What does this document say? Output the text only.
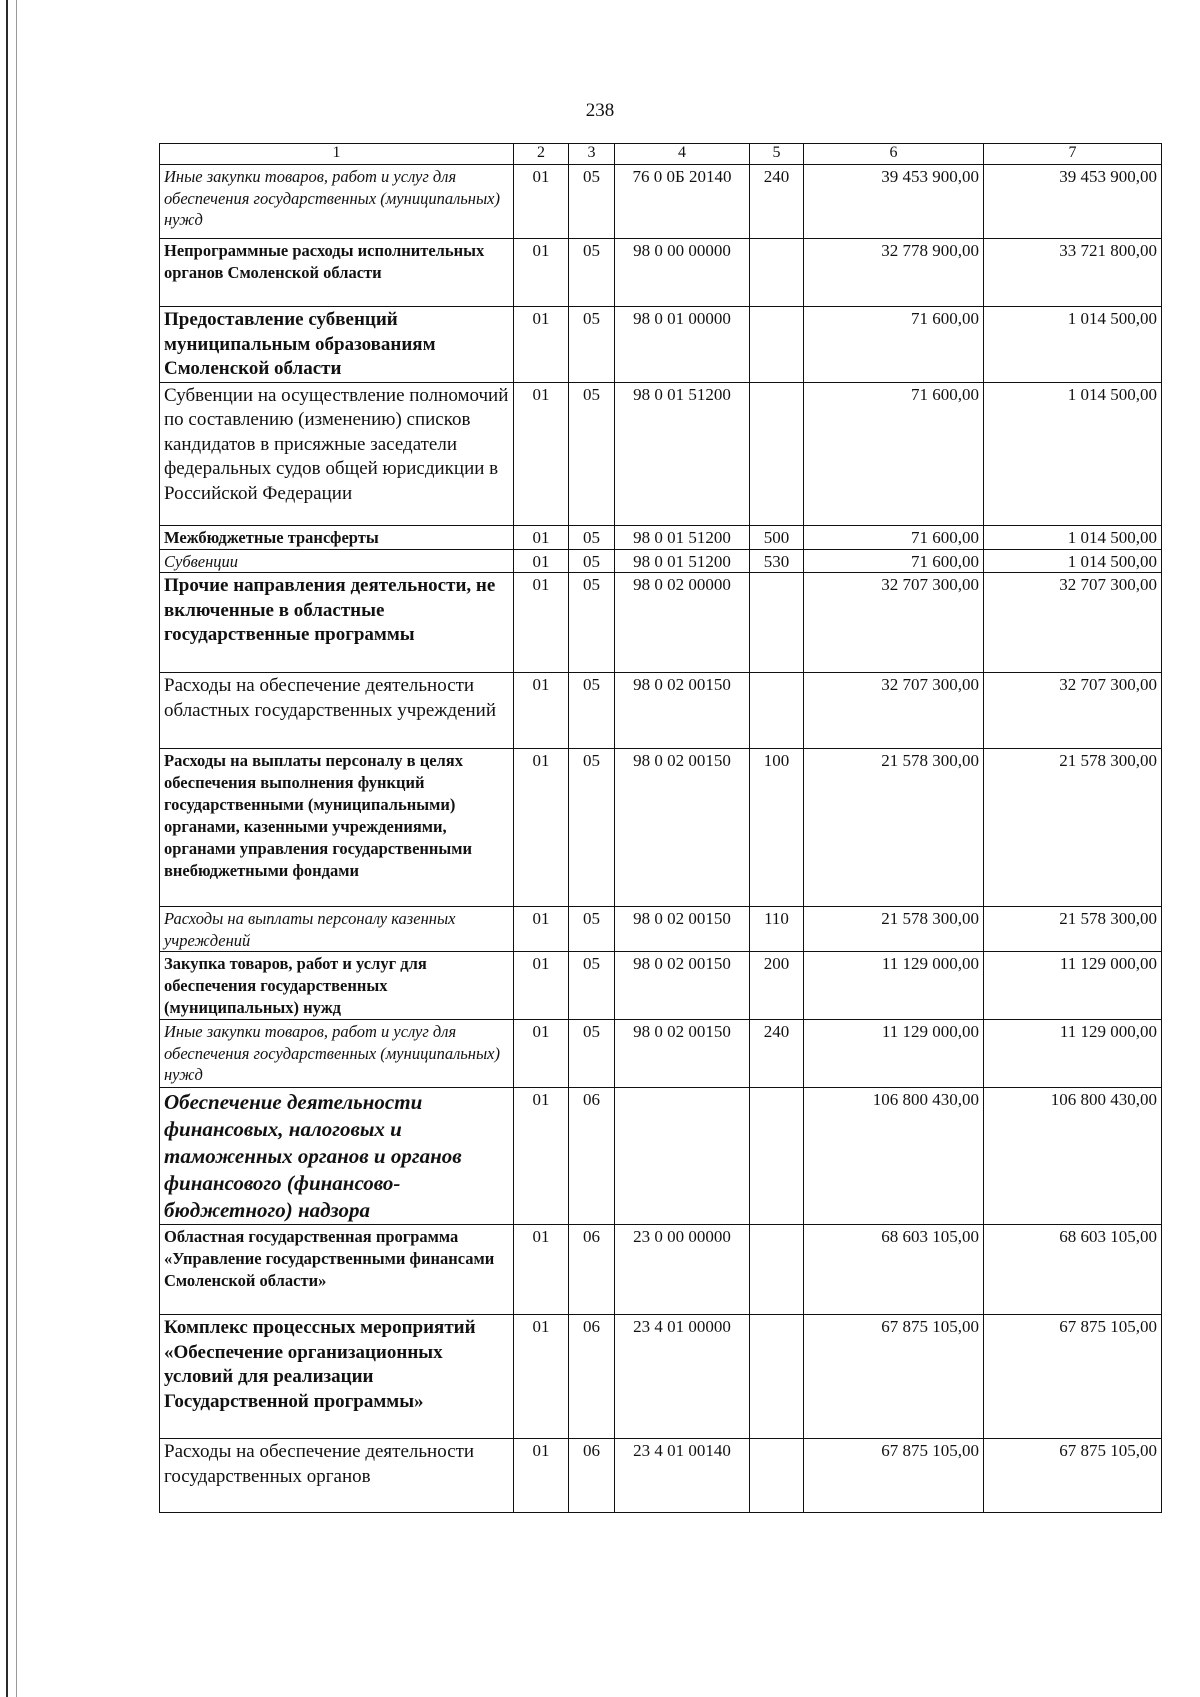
238
1	2	3	4	5	6	7
Иные закупки товаров, работ и услуг для обеспечения государственных (муниципальных) нужд	01	05	76 0 0Б 20140	240	39 453 900,00	39 453 900,00
Непрограммные расходы исполнительных органов Смоленской области	01	05	98 0 00 00000		32 778 900,00	33 721 800,00
Предоставление субвенций муниципальным образованиям Смоленской области	01	05	98 0 01 00000		71 600,00	1 014 500,00
Субвенции на осуществление полномочий по составлению (изменению) списков кандидатов в присяжные заседатели федеральных судов общей юрисдикции в Российской Федерации	01	05	98 0 01 51200		71 600,00	1 014 500,00
Межбюджетные трансферты	01	05	98 0 01 51200	500	71 600,00	1 014 500,00
Субвенции	01	05	98 0 01 51200	530	71 600,00	1 014 500,00
Прочие направления деятельности, не включенные в областные государственные программы	01	05	98 0 02 00000		32 707 300,00	32 707 300,00
Расходы на обеспечение деятельности областных государственных учреждений	01	05	98 0 02 00150		32 707 300,00	32 707 300,00
Расходы на выплаты персоналу в целях обеспечения выполнения функций государственными (муниципальными) органами, казенными учреждениями, органами управления государственными внебюджетными фондами	01	05	98 0 02 00150	100	21 578 300,00	21 578 300,00
Расходы на выплаты персоналу казенных учреждений	01	05	98 0 02 00150	110	21 578 300,00	21 578 300,00
Закупка товаров, работ и услуг для обеспечения государственных (муниципальных) нужд	01	05	98 0 02 00150	200	11 129 000,00	11 129 000,00
Иные закупки товаров, работ и услуг для обеспечения государственных (муниципальных) нужд	01	05	98 0 02 00150	240	11 129 000,00	11 129 000,00
Обеспечение деятельности финансовых, налоговых и таможенных органов и органов финансового (финансово-бюджетного) надзора	01	06			106 800 430,00	106 800 430,00
Областная государственная программа «Управление государственными финансами Смоленской области»	01	06	23 0 00 00000		68 603 105,00	68 603 105,00
Комплекс процессных мероприятий «Обеспечение организационных условий для реализации Государственной программы»	01	06	23 4 01 00000		67 875 105,00	67 875 105,00
Расходы на обеспечение деятельности государственных органов	01	06	23 4 01 00140		67 875 105,00	67 875 105,00
